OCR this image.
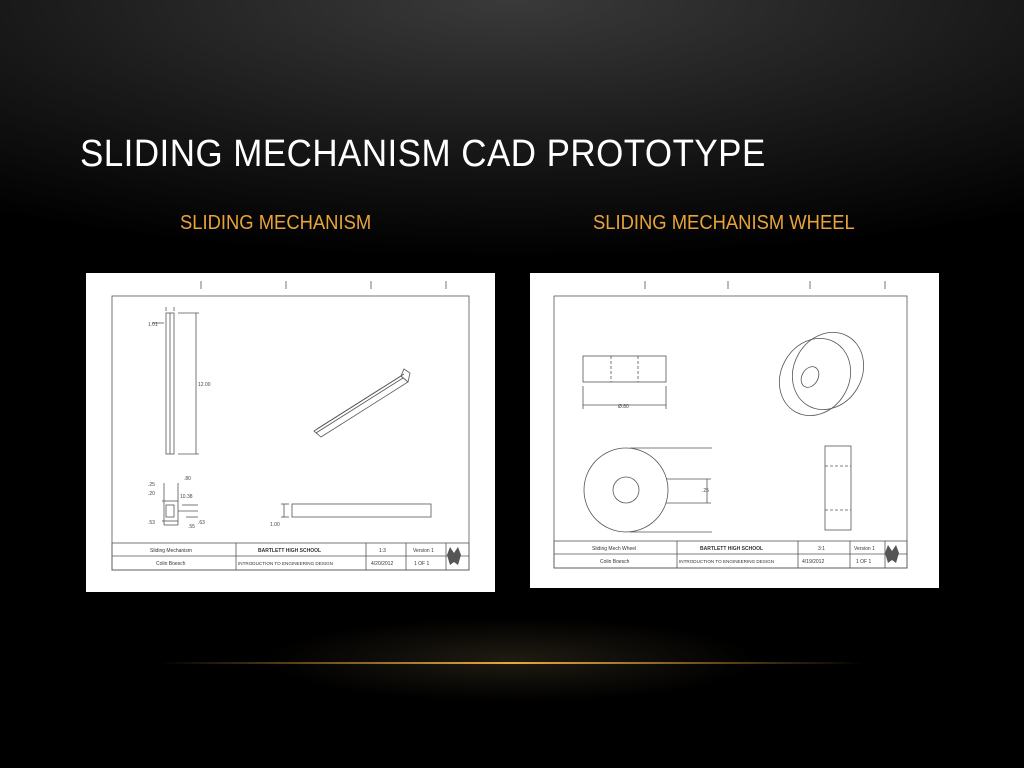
SLIDING MECHANISM CAD PROTOTYPE
SLIDING MECHANISM	SLIDING MECHANISM WHEEL
1.01
12.00
.80
.25
.20	10.38
.53	.63
.55	1.00
Sliding Mechanism	BARTLETT HIGH SCHOOL	1:3	Version 1
Colin Boesch	INTRODUCTION TO ENGINEERING DESIGN	4/20/2012	1 OF 1
Ø.80
.25
Sliding Mech Wheel	BARTLETT HIGH SCHOOL	3:1	Version 1
Colin Boesch	INTRODUCTION TO ENGINEERING DESIGN	4/19/2012	1 OF 1
